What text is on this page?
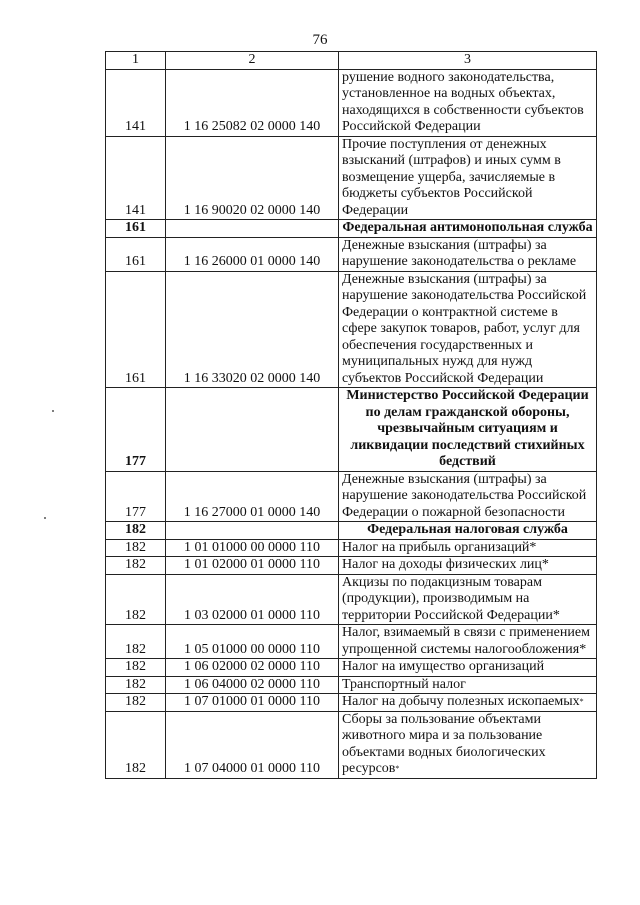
76
1	2	3
141	1 16 25082 02 0000 140	рушение водного законодательства, установленное на водных объектах, находящихся в собственности субъектов Российской Федерации
141	1 16 90020 02 0000 140	Прочие поступления от денежных взысканий (штрафов) и иных сумм в возмещение ущерба, зачисляемые в бюджеты субъектов Российской Федерации
161		Федеральная антимонопольная служба
161	1 16 26000 01 0000 140	Денежные взыскания (штрафы) за нарушение законодательства о рекламе
161	1 16 33020 02 0000 140	Денежные взыскания (штрафы) за нарушение законодательства Российской Федерации о контрактной системе в сфере закупок товаров, работ, услуг для обеспечения государственных и муниципальных нужд для нужд субъектов Российской Федерации
177		Министерство Российской Федерации по делам гражданской обороны, чрезвычайным ситуациям и ликвидации последствий стихийных бедствий
177	1 16 27000 01 0000 140	Денежные взыскания (штрафы) за нарушение законодательства Российской Федерации о пожарной безопасности
182		Федеральная налоговая служба
182	1 01 01000 00 0000 110	Налог на прибыль организаций*
182	1 01 02000 01 0000 110	Налог на доходы физических лиц*
182	1 03 02000 01 0000 110	Акцизы по подакцизным товарам (продукции), производимым на территории Российской Федерации*
182	1 05 01000 00 0000 110	Налог, взимаемый в связи с применением упрощенной системы налогообложения*
182	1 06 02000 02 0000 110	Налог на имущество организаций
182	1 06 04000 02 0000 110	Транспортный налог
182	1 07 01000 01 0000 110	Налог на добычу полезных ископаемых*
182	1 07 04000 01 0000 110	Сборы за пользование объектами животного мира и за пользование объектами водных биологических ресурсов*
